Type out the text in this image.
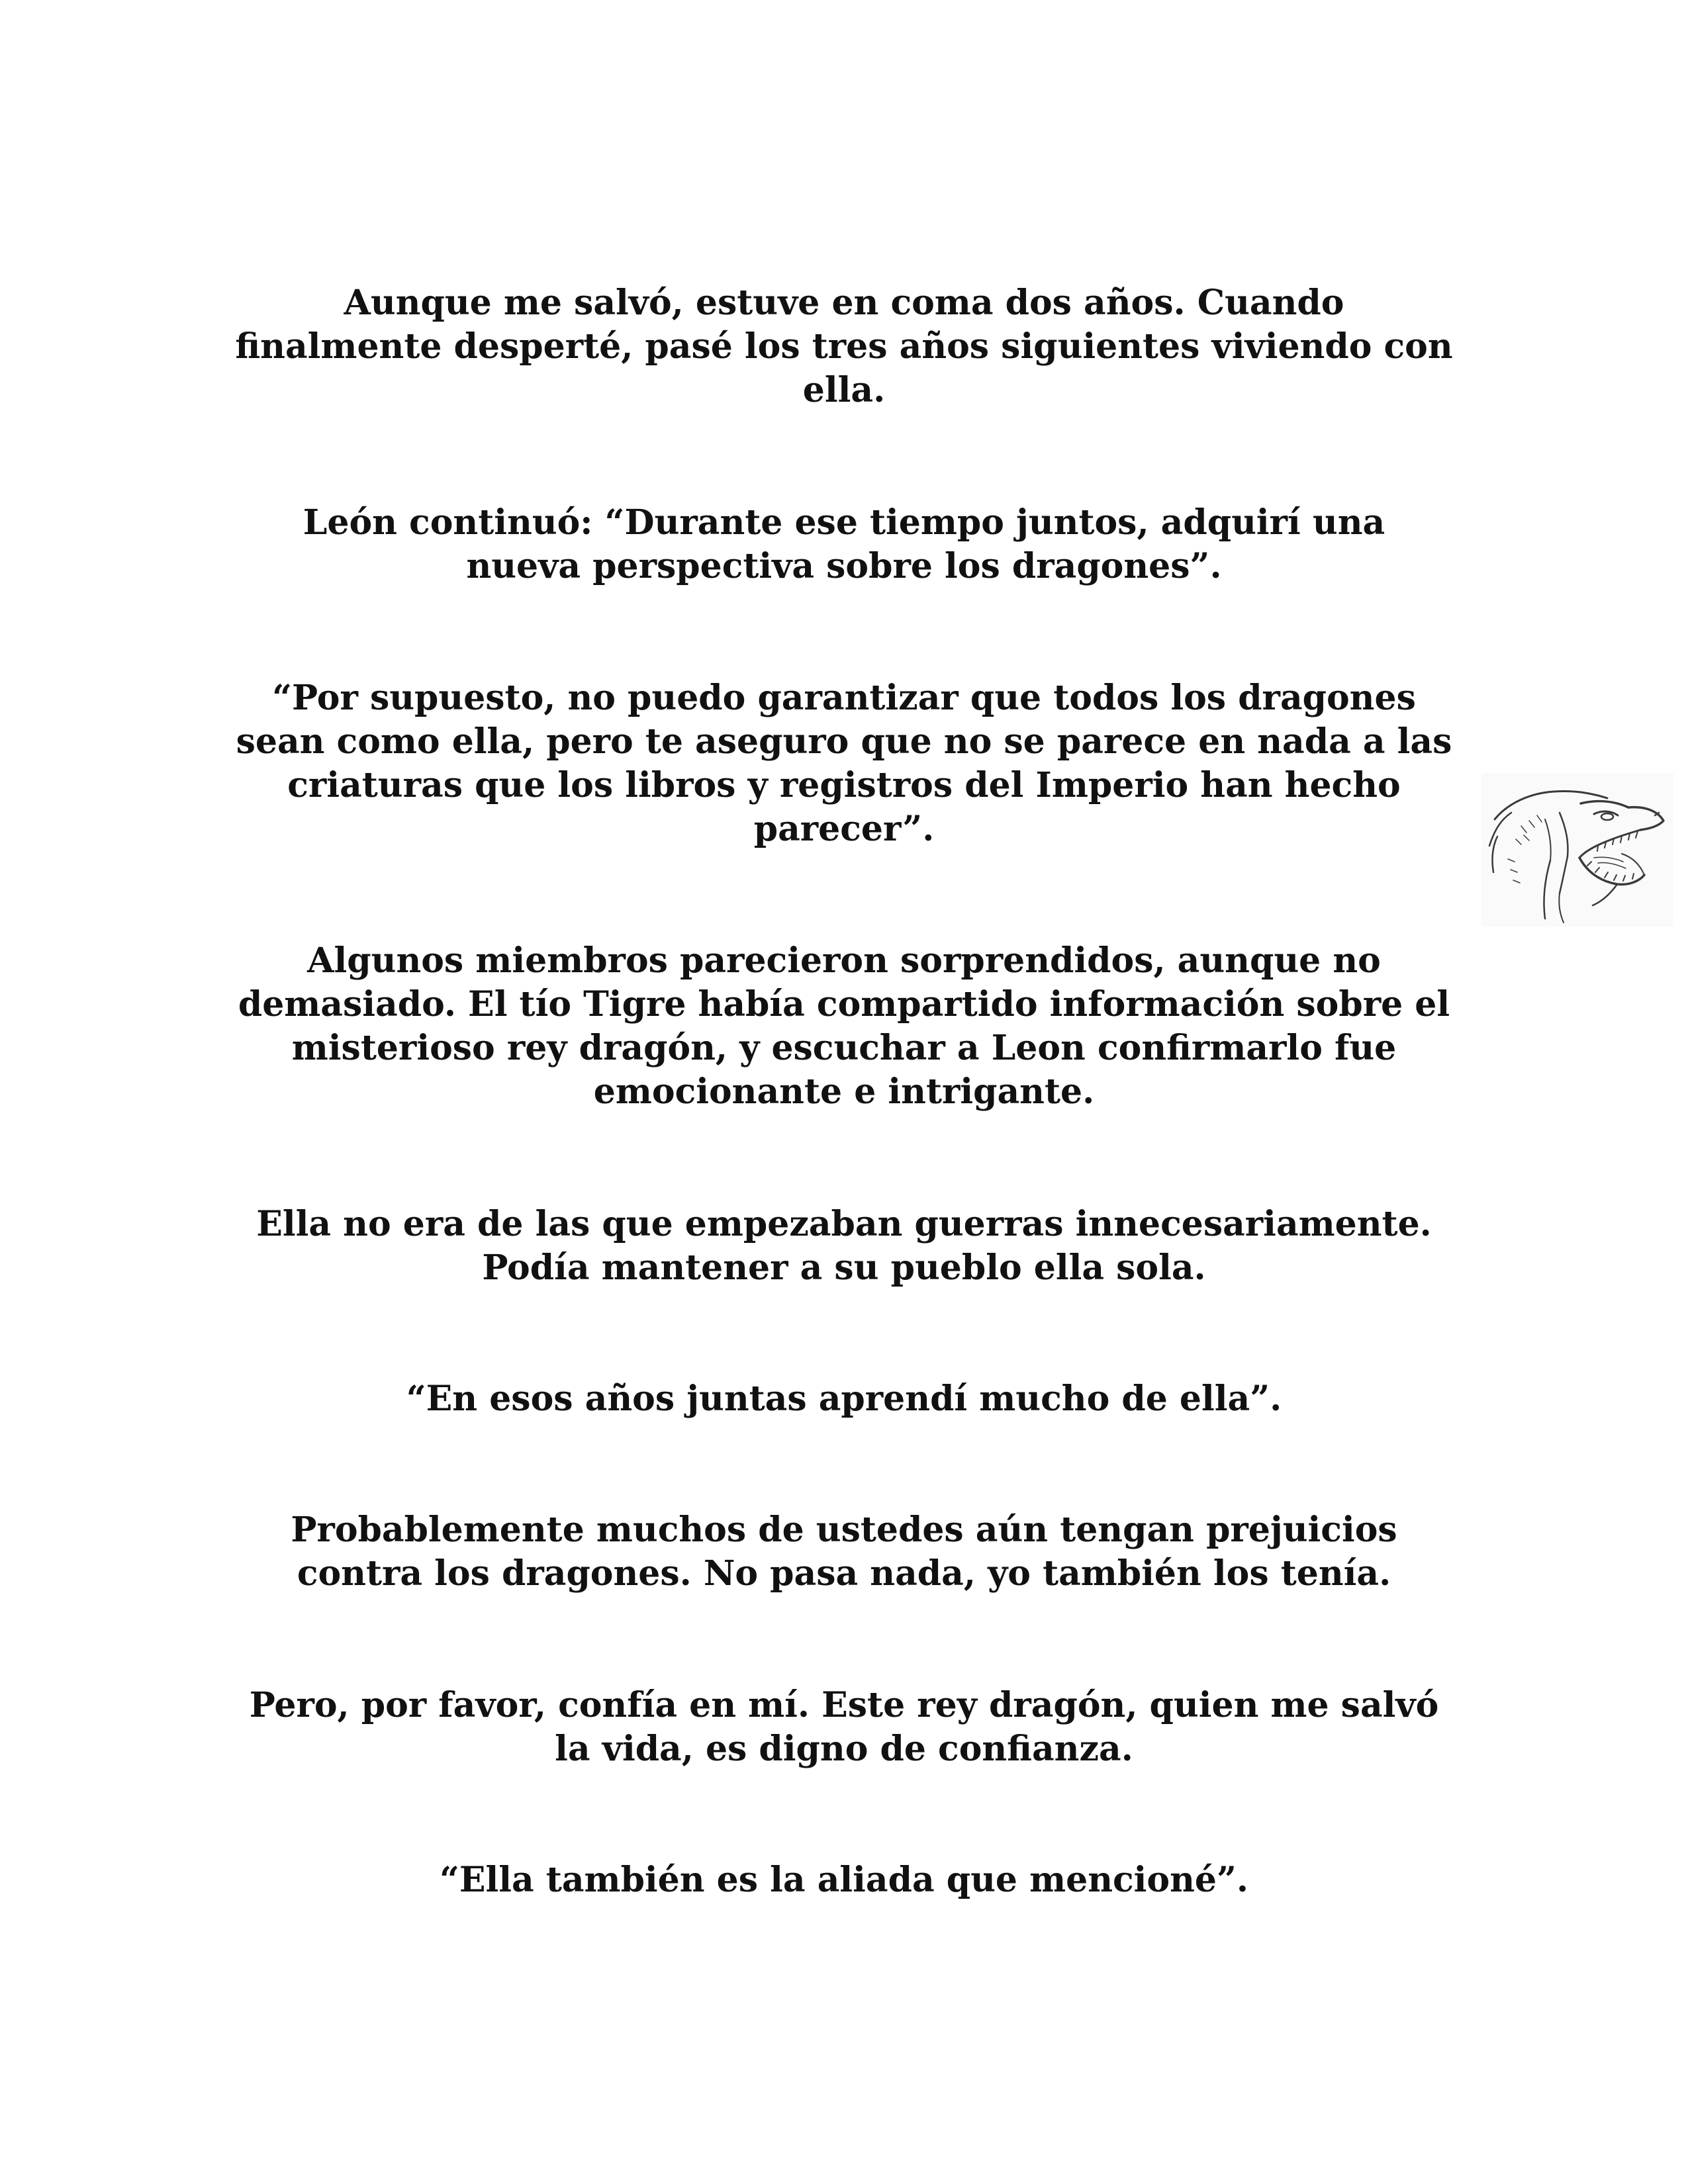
Aunque me salvó, estuve en coma dos años. Cuando
finalmente desperté, pasé los tres años siguientes viviendo con
ella.

León continuó: “Durante ese tiempo juntos, adquirí una
nueva perspectiva sobre los dragones”.

“Por supuesto, no puedo garantizar que todos los dragones
sean como ella, pero te aseguro que no se parece en nada a las
criaturas que los libros y registros del Imperio han hecho
parecer”.

Algunos miembros parecieron sorprendidos, aunque no
demasiado. El tío Tigre había compartido información sobre el
misterioso rey dragón, y escuchar a Leon confirmarlo fue
emocionante e intrigante.

Ella no era de las que empezaban guerras innecesariamente.
Podía mantener a su pueblo ella sola.

“En esos años juntas aprendí mucho de ella”.

Probablemente muchos de ustedes aún tengan prejuicios
contra los dragones. No pasa nada, yo también los tenía.

Pero, por favor, confía en mí. Este rey dragón, quien me salvó
la vida, es digno de confianza.

“Ella también es la aliada que mencioné”.
